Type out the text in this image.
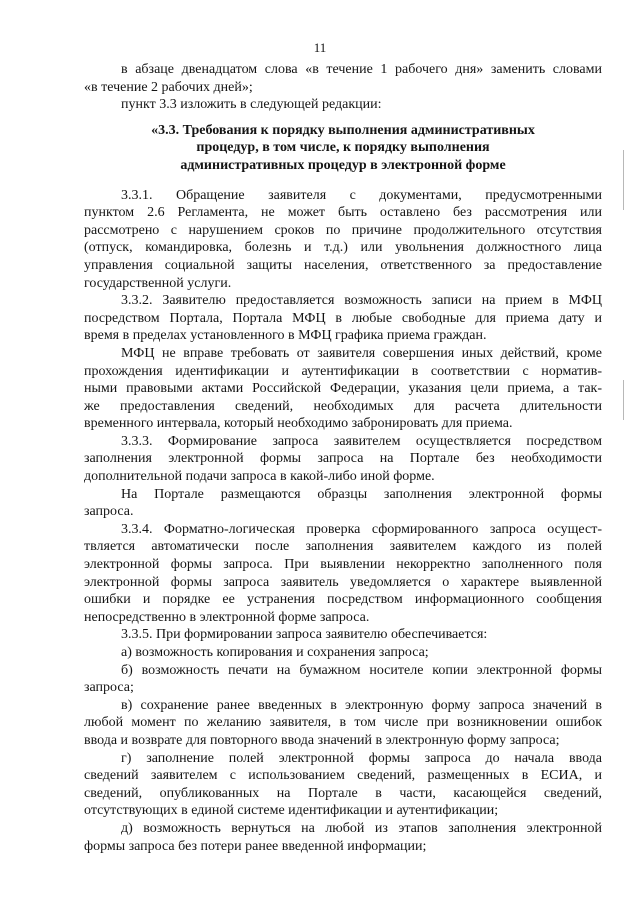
11

в абзаце двенадцатом слова «в течение 1 рабочего дня» заменить словами

«в течение 2 рабочих дней»;

пункт 3.3 изложить в следующей редакции:

«3.3. Требования к порядку выполнения административных

процедур, в том числе, к порядку выполнения

административных процедур в электронной форме

3.3.1. Обращение заявителя с документами, предусмотренными

пунктом 2.6 Регламента, не может быть оставлено без рассмотрения или

рассмотрено с нарушением сроков по причине продолжительного отсутствия

(отпуск, командировка, болезнь и т.д.) или увольнения должностного лица

управления социальной защиты населения, ответственного за предоставление

государственной услуги.

3.3.2. Заявителю предоставляется возможность записи на прием в МФЦ

посредством Портала, Портала МФЦ в любые свободные для приема дату и

время в пределах установленного в МФЦ графика приема граждан.

МФЦ не вправе требовать от заявителя совершения иных действий, кроме

прохождения идентификации и аутентификации в соответствии с норматив-

ными правовыми актами Российской Федерации, указания цели приема, а так-

же предоставления сведений, необходимых для расчета длительности

временного интервала, который необходимо забронировать для приема.

3.3.3. Формирование запроса заявителем осуществляется посредством

заполнения электронной формы запроса на Портале без необходимости

дополнительной подачи запроса в какой-либо иной форме.

На Портале размещаются образцы заполнения электронной формы

запроса.

3.3.4. Форматно-логическая проверка сформированного запроса осущест-

твляется автоматически после заполнения заявителем каждого из полей

электронной формы запроса. При выявлении некорректно заполненного поля

электронной формы запроса заявитель уведомляется о характере выявленной

ошибки и порядке ее устранения посредством информационного сообщения

непосредственно в электронной форме запроса.

3.3.5. При формировании запроса заявителю обеспечивается:

а) возможность копирования и сохранения запроса;

б) возможность печати на бумажном носителе копии электронной формы

запроса;

в) сохранение ранее введенных в электронную форму запроса значений в

любой момент по желанию заявителя, в том числе при возникновении ошибок

ввода и возврате для повторного ввода значений в электронную форму запроса;

г) заполнение полей электронной формы запроса до начала ввода

сведений заявителем с использованием сведений, размещенных в ЕСИА, и

сведений, опубликованных на Портале в части, касающейся сведений,

отсутствующих в единой системе идентификации и аутентификации;

д) возможность вернуться на любой из этапов заполнения электронной

формы запроса без потери ранее введенной информации;
